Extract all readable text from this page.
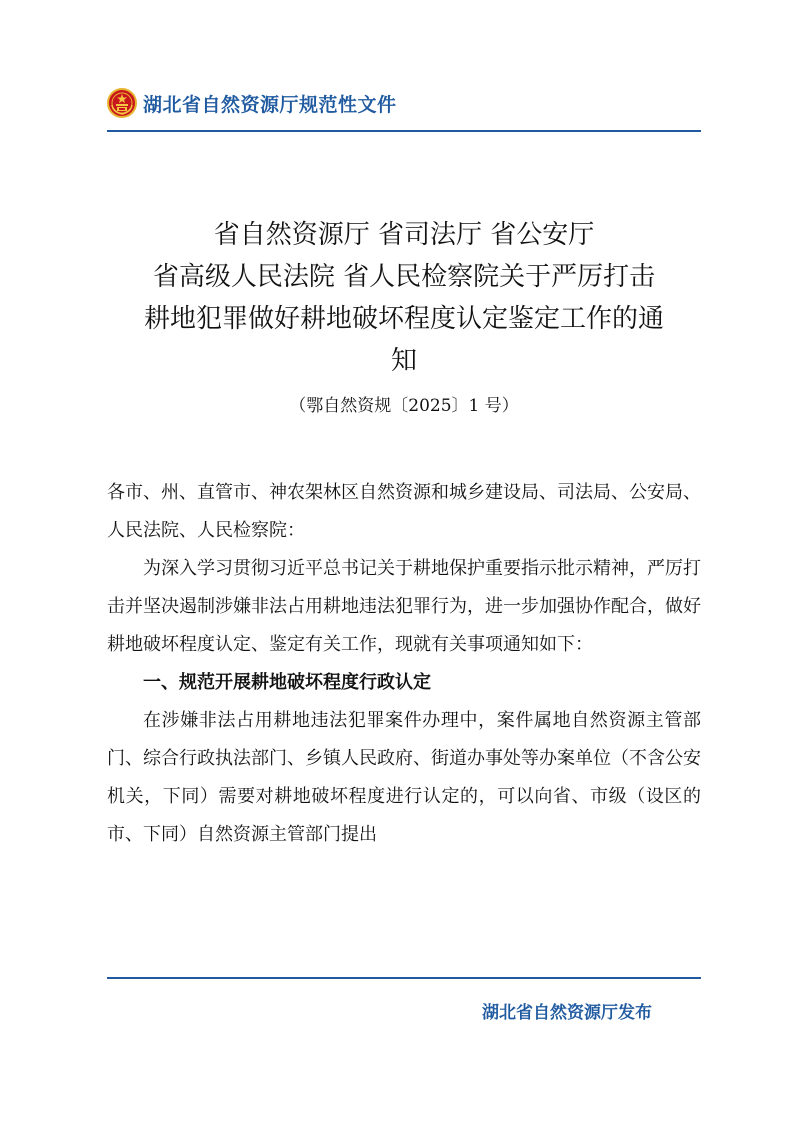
湖北省自然资源厅规范性文件
省自然资源厅 省司法厅 省公安厅
省高级人民法院 省人民检察院关于严厉打击
耕地犯罪做好耕地破坏程度认定鉴定工作的通
知
（鄂自然资规〔2025〕1 号）

各市、州、直管市、神农架林区自然资源和城乡建设局、司法局、公安局、人民法院、人民检察院：

为深入学习贯彻习近平总书记关于耕地保护重要指示批示精神，严厉打击并坚决遏制涉嫌非法占用耕地违法犯罪行为，进一步加强协作配合，做好耕地破坏程度认定、鉴定有关工作，现就有关事项通知如下：

一、规范开展耕地破坏程度行政认定

在涉嫌非法占用耕地违法犯罪案件办理中，案件属地自然资源主管部门、综合行政执法部门、乡镇人民政府、街道办事处等办案单位（不含公安机关，下同）需要对耕地破坏程度进行认定的，可以向省、市级（设区的市、下同）自然资源主管部门提出

湖北省自然资源厅发布
